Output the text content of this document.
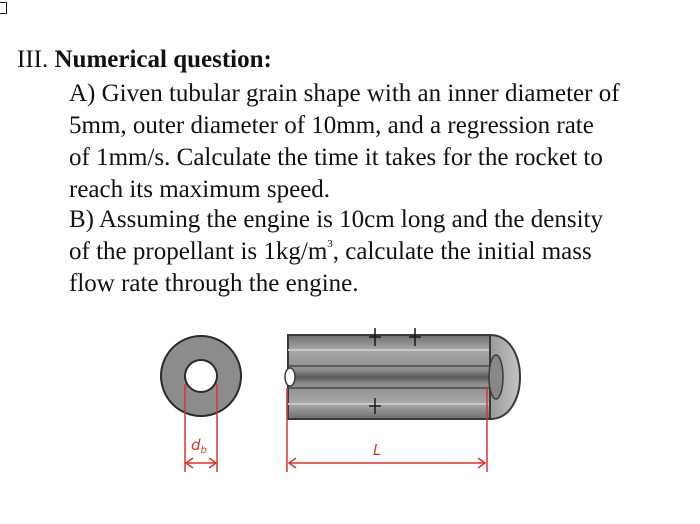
III. Numerical question:
A) Given tubular grain shape with an inner diameter of
5mm, outer diameter of 10mm, and a regression rate
of 1mm/s. Calculate the time it takes for the rocket to
reach its maximum speed.
B) Assuming the engine is 10cm long and the density
of the propellant is $1kg/m^3$, calculate the initial mass
flow rate through the engine.
$d_b$	L
